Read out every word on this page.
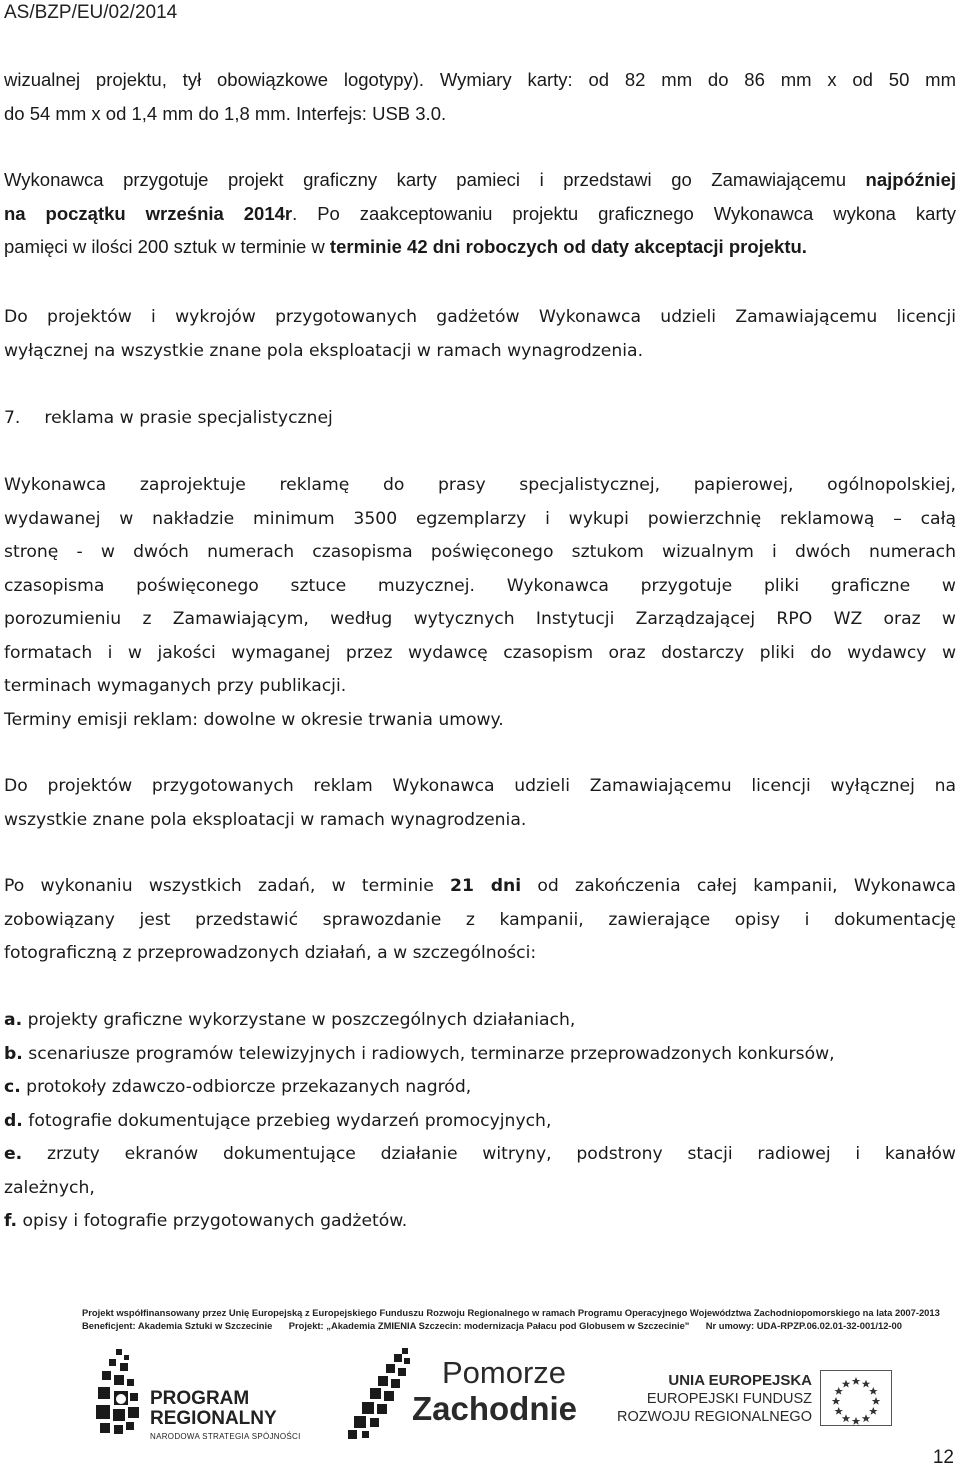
AS/BZP/EU/02/2014
wizualnej projektu, tył obowiązkowe logotypy). Wymiary karty: od 82 mm do 86 mm x od 50 mm
do 54 mm x od 1,4 mm do 1,8 mm. Interfejs: USB 3.0.
Wykonawca przygotuje projekt graficzny karty pamieci i przedstawi go Zamawiającemu najpóźniej
na początku września 2014r. Po zaakceptowaniu projektu graficznego Wykonawca wykona karty
pamięci w ilości 200 sztuk w terminie w terminie 42 dni roboczych od daty akceptacji projektu.
Do projektów i wykrojów przygotowanych gadżetów Wykonawca udzieli Zamawiającemu licencji
wyłącznej na wszystkie znane pola eksploatacji w ramach wynagrodzenia.
7. reklama w prasie specjalistycznej
Wykonawca zaprojektuje reklamę do prasy specjalistycznej, papierowej, ogólnopolskiej,
wydawanej w nakładzie minimum 3500 egzemplarzy i wykupi powierzchnię reklamową – całą
stronę - w dwóch numerach czasopisma poświęconego sztukom wizualnym i dwóch numerach
czasopisma poświęconego sztuce muzycznej. Wykonawca przygotuje pliki graficzne w
porozumieniu z Zamawiającym, według wytycznych Instytucji Zarządzającej RPO WZ oraz w
formatach i w jakości wymaganej przez wydawcę czasopism oraz dostarczy pliki do wydawcy w
terminach wymaganych przy publikacji.
Terminy emisji reklam: dowolne w okresie trwania umowy.
Do projektów przygotowanych reklam Wykonawca udzieli Zamawiającemu licencji wyłącznej na
wszystkie znane pola eksploatacji w ramach wynagrodzenia.
Po wykonaniu wszystkich zadań, w terminie 21 dni od zakończenia całej kampanii, Wykonawca
zobowiązany jest przedstawić sprawozdanie z kampanii, zawierające opisy i dokumentację
fotograficzną z przeprowadzonych działań, a w szczególności:
a. projekty graficzne wykorzystane w poszczególnych działaniach,
b. scenariusze programów telewizyjnych i radiowych, terminarze przeprowadzonych konkursów,
c. protokoły zdawczo-odbiorcze przekazanych nagród,
d. fotografie dokumentujące przebieg wydarzeń promocyjnych,
e. zrzuty ekranów dokumentujące działanie witryny, podstrony stacji radiowej i kanałów
zależnych,
f. opisy i fotografie przygotowanych gadżetów.
Projekt współfinansowany przez Unię Europejską z Europejskiego Funduszu Rozwoju Regionalnego w ramach Programu Operacyjnego Województwa Zachodniopomorskiego na lata 2007-2013
Beneficjent: Akademia Sztuki w Szczecinie Projekt: „Akademia ZMIENIA Szczecin: modernizacja Pałacu pod Globusem w Szczecinie" Nr umowy: UDA-RPZP.06.02.01-32-001/12-00
PROGRAM
REGIONALNY
NARODOWA STRATEGIA SPÓJNOŚCI
Pomorze
Zachodnie
UNIA EUROPEJSKA
EUROPEJSKI FUNDUSZ
ROZWOJU REGIONALNEGO
12
